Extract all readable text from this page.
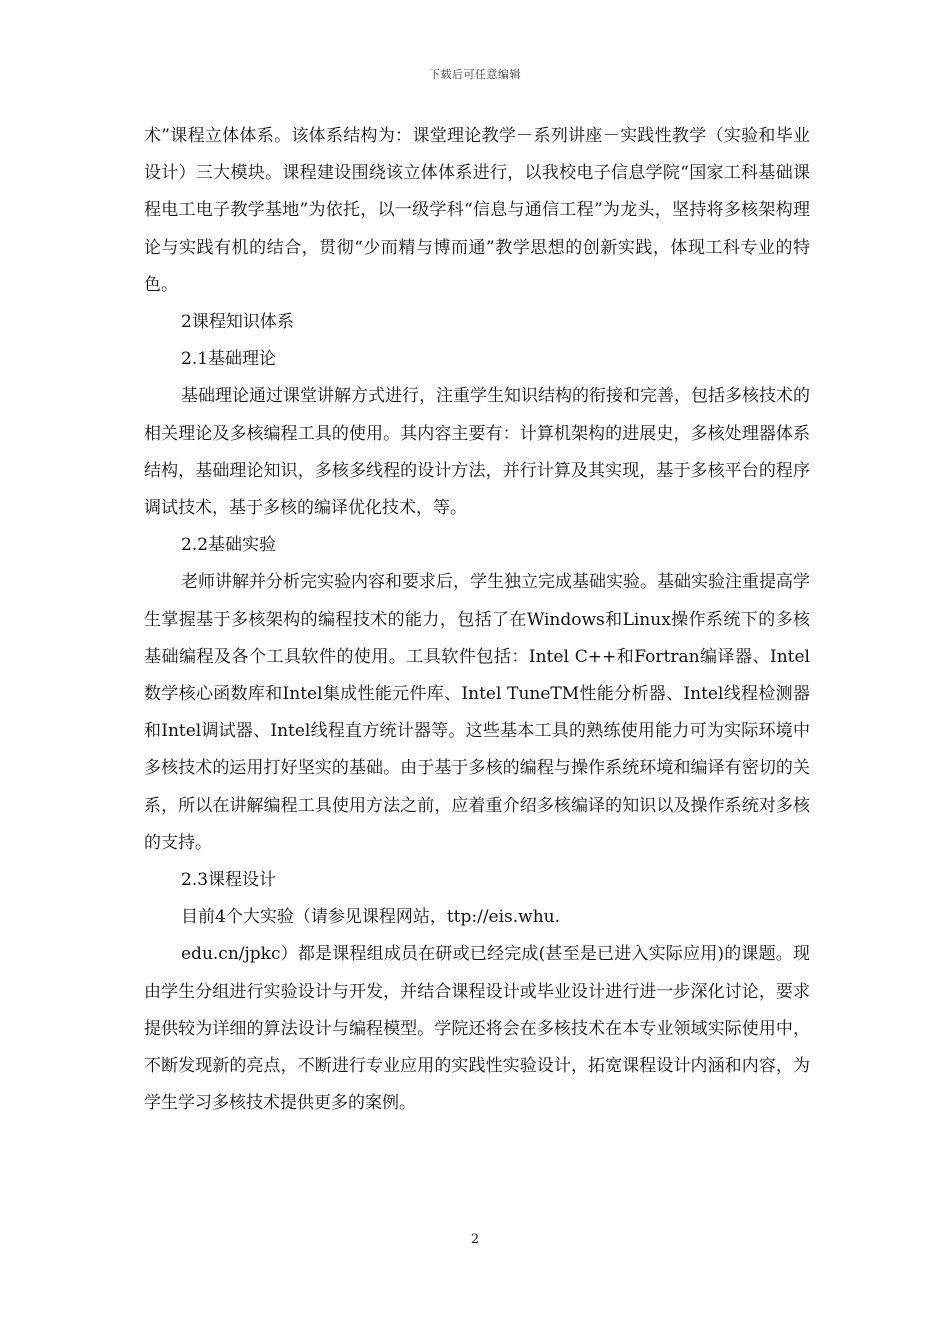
下载后可任意编辑

术”课程立体体系。该体系结构为：课堂理论教学－系列讲座－实践性教学（实验和毕业设计）三大模块。课程建设围绕该立体体系进行，以我校电子信息学院“国家工科基础课程电工电子教学基地”为依托，以一级学科“信息与通信工程”为龙头，坚持将多核架构理论与实践有机的结合，贯彻“少而精与博而通”教学思想的创新实践，体现工科专业的特色。

2课程知识体系

2.1基础理论

基础理论通过课堂讲解方式进行，注重学生知识结构的衔接和完善，包括多核技术的相关理论及多核编程工具的使用。其内容主要有：计算机架构的进展史，多核处理器体系结构，基础理论知识，多核多线程的设计方法，并行计算及其实现，基于多核平台的程序调试技术，基于多核的编译优化技术，等。

2.2基础实验

老师讲解并分析完实验内容和要求后，学生独立完成基础实验。基础实验注重提高学生掌握基于多核架构的编程技术的能力，包括了在Windows和Linux操作系统下的多核基础编程及各个工具软件的使用。工具软件包括：Intel C++和Fortran编译器、Intel数学核心函数库和Intel集成性能元件库、Intel TuneTM性能分析器、Intel线程检测器和Intel调试器、Intel线程直方统计器等。这些基本工具的熟练使用能力可为实际环境中多核技术的运用打好坚实的基础。由于基于多核的编程与操作系统环境和编译有密切的关系，所以在讲解编程工具使用方法之前，应着重介绍多核编译的知识以及操作系统对多核的支持。

2.3课程设计

目前4个大实验（请参见课程网站，ttp://eis.whu.

edu.cn/jpkc）都是课程组成员在研或已经完成(甚至是已进入实际应用)的课题。现由学生分组进行实验设计与开发，并结合课程设计或毕业设计进行进一步深化讨论，要求提供较为详细的算法设计与编程模型。学院还将会在多核技术在本专业领域实际使用中，不断发现新的亮点，不断进行专业应用的实践性实验设计，拓宽课程设计内涵和内容，为学生学习多核技术提供更多的案例。

2
